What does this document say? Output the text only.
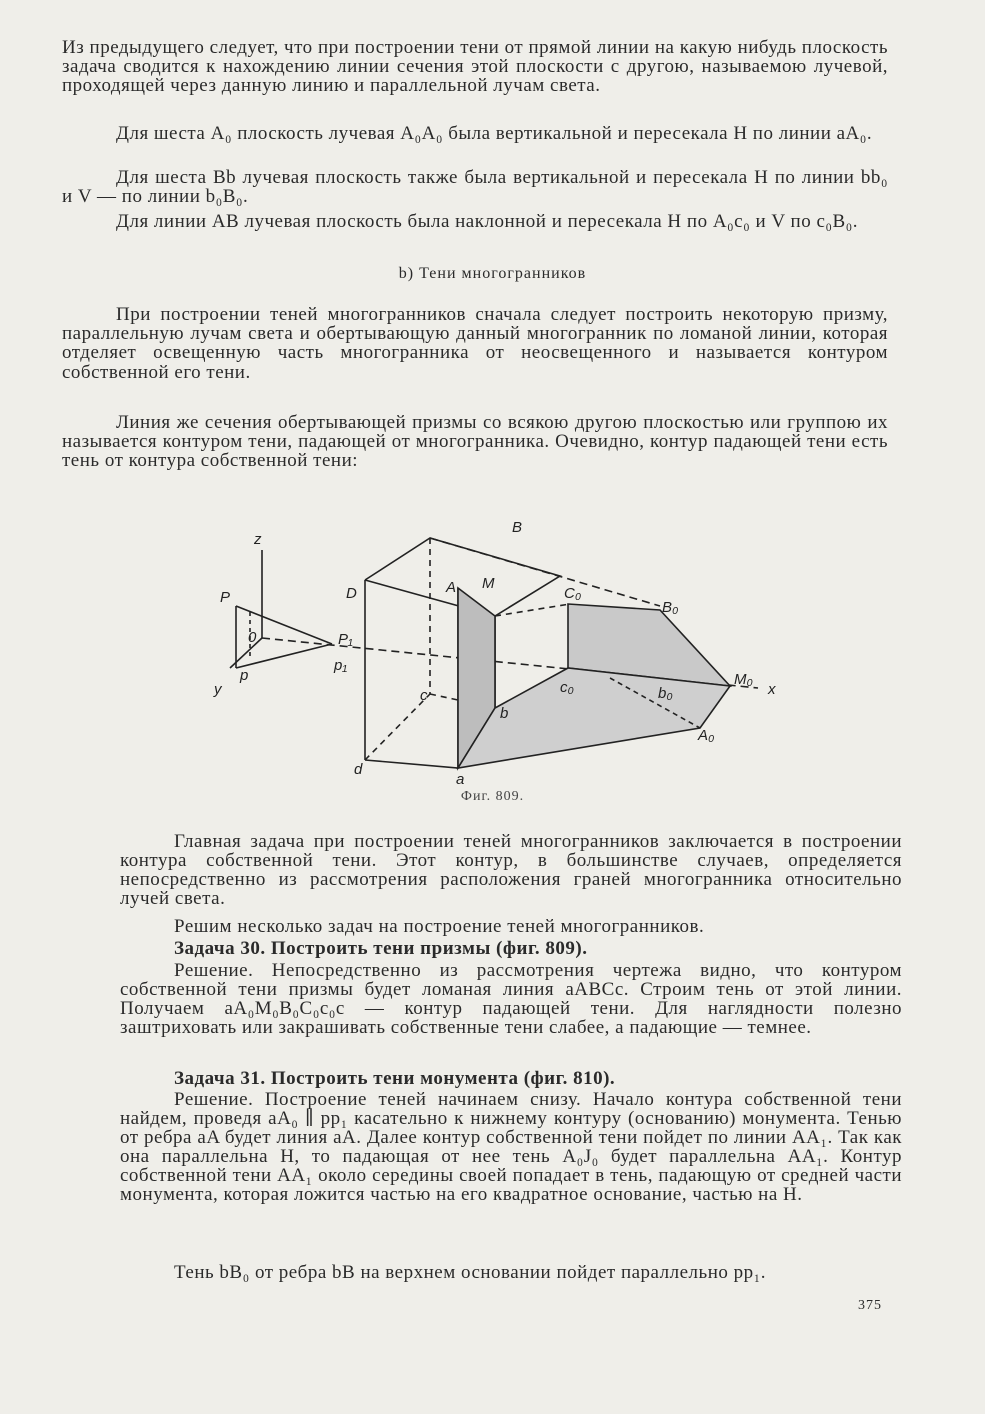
Из предыдущего следует, что при построении тени от прямой линии на какую нибудь плоскость задача сводится к нахождению линии сечения этой плоскости с другою, называемою лучевой, проходящей через данную линию и параллельной лучам света.

Для шеста A₀ плоскость лучевая A₀A₀ была вертикальной и пересекала H по линии aA₀.

Для шеста Bb лучевая плоскость также была вертикальной и пересекала H по линии bb₀ и V — по линии b₀B₀.

Для линии AB лучевая плоскость была наклонной и пересекала H по A₀c₀ и V по c₀B₀.

b) Тени многогранников

При построении теней многогранников сначала следует построить некоторую призму, параллельную лучам света и обертывающую данный многогранник по ломаной линии, которая отделяет освещенную часть многогранника от неосвещенного и называется контуром собственной его тени.

Линия же сечения обертывающей призмы со всякою другою плоскостью или группою их называется контуром тени, падающей от многогранника. Очевидно, контур падающей тени есть тень от контура собственной тени:

z
y	x
P
p
0	P₁
p₁
B
D	A M
C₀
B₀
c	c₀	b₀
b
M₀
A₀
a
d
Фиг. 809.

Главная задача при построении теней многогранников заключается в построении контура собственной тени. Этот контур, в большинстве случаев, определяется непосредственно из рассмотрения расположения граней многогранника относительно лучей света.

Решим несколько задач на построение теней многогранников.

Задача 30. Построить тени призмы (фиг. 809).

Решение. Непосредственно из рассмотрения чертежа видно, что контуром собственной тени призмы будет ломаная линия aABCc. Строим тень от этой линии. Получаем aA₀M₀B₀C₀c₀c — контур падающей тени. Для наглядности полезно заштриховать или закрашивать собственные тени слабее, а падающие — темнее.

Задача 31. Построить тени монумента (фиг. 810).

Решение. Построение теней начинаем снизу. Начало контура собственной тени найдем, проведя aA₀ ∥ pp₁ касательно к нижнему контуру (основанию) монумента. Тенью от ребра aA будет линия aA. Далее контур собственной тени пойдет по линии AA₁. Так как она параллельна H, то падающая от нее тень A₀J₀ будет параллельна AA₁. Контур собственной тени AA₁ около середины своей попадает в тень, падающую от средней части монумента, которая ложится частью на его квадратное основание, частью на H.

Тень bB₀ от ребра bB на верхнем основании пойдет параллельно pp₁.

375
